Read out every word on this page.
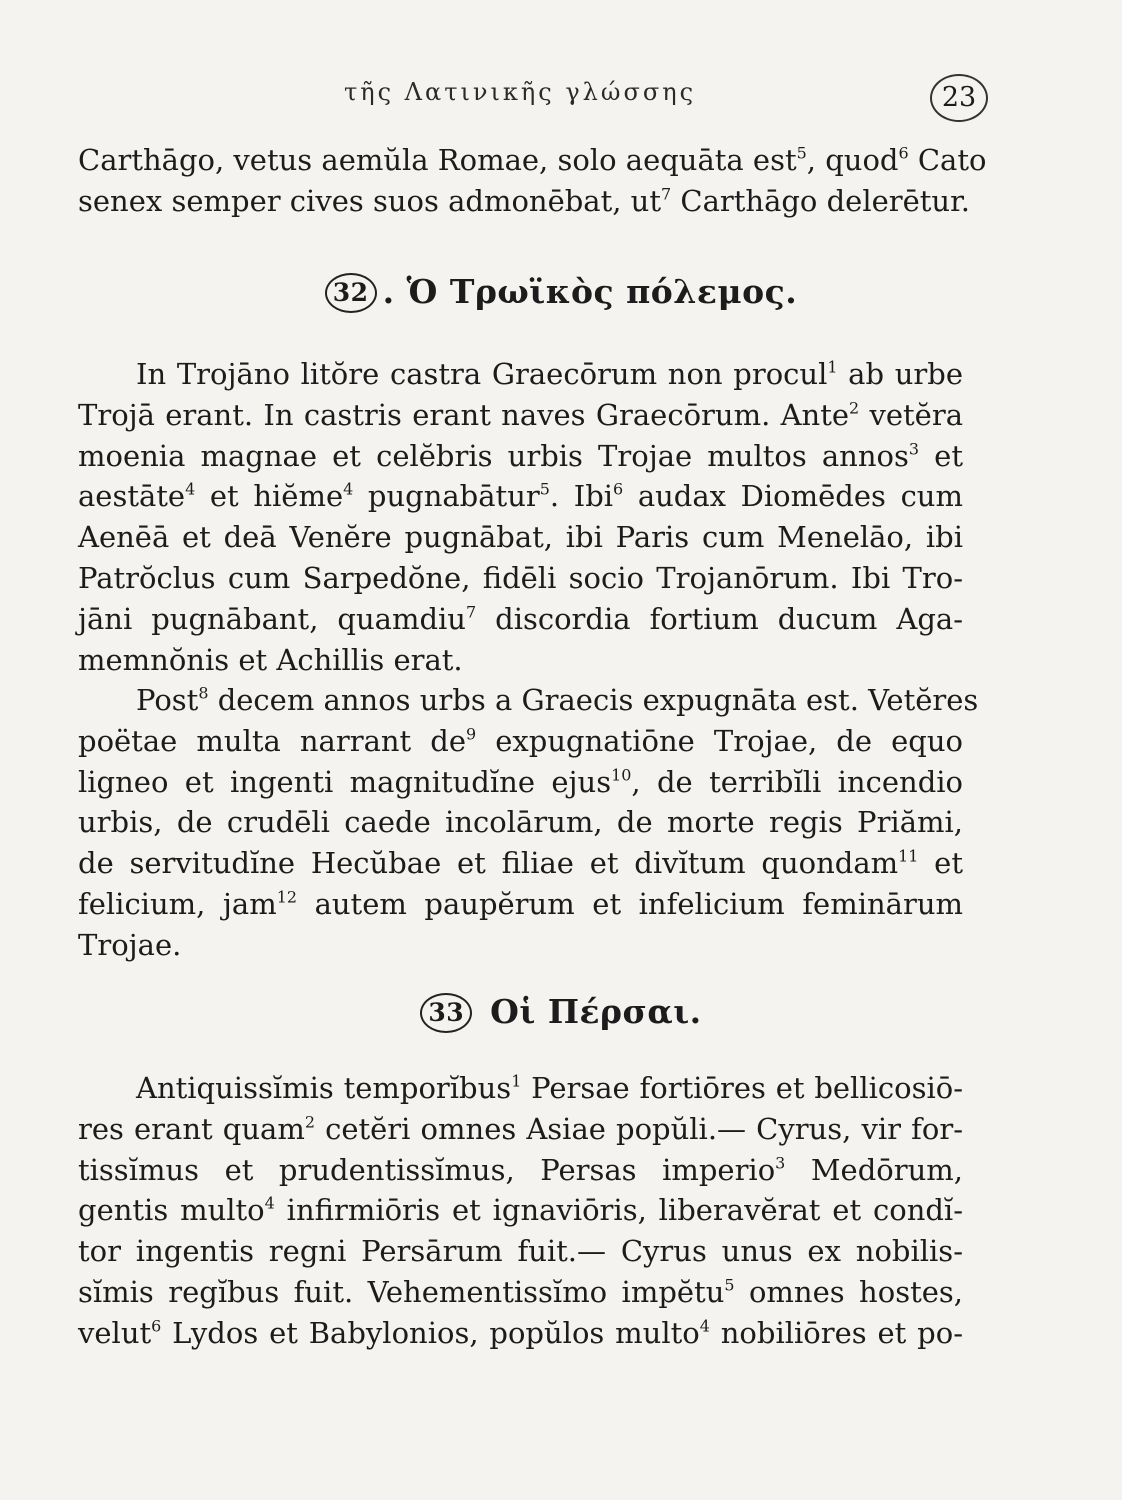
τῆς Λατινικῆς γλώσσης	23
Carthāgo, vetus aemŭla Romae, solo aequāta est$^5$, quod$^6$ Cato
senex semper cives suos admonēbat, $ut^7$ Carthāgo delerētur.
32 . Ὁ Τρωϊκὸς πόλεμος.
In Trojāno litŏre castra Graecōrum non procul$^1$ ab urbe
Trojā erant. In castris erant naves Graecōrum. Ante$^2$ vetĕra
moenia magnae et celĕbris urbis Trojae multos annos$^3$ et
aestāte$^4$ et hiĕme$^4$ pugnabātur$^5$. Ibi$^6$ audax Diomēdes cum
Aenēā et deā Venĕre pugnābat, ibi Paris cum Menelāo, ibi
Patrŏclus cum Sarpedŏne, fidēli socio Trojanōrum. Ibi Tro-
jāni pugnābant, quamdiu$^7$ discordia fortium ducum Aga-
memnŏnis et Achillis erat.
Post$^8$ decem annos urbs a Graecis expugnāta est. Vetĕres
poëtae multa narrant $de^9$ expugnatiōne Trojae, de equo
ligneo et ingenti magnitudĭne ejus$^{10}$, de terribĭli incendio
urbis, de crudēli caede incolārum, de morte regis Priămi,
de servitudĭne Hecŭbae et filiae et divĭtum quondam$^{11}$ et
felicium, jam$^{12}$ autem paupĕrum et infelicium feminārum
Trojae.
33 Οἱ Πέρσαι.
Antiquissĭmis temporĭbus$^1$ Persae fortiōres et bellicosiō-
res erant quam$^2$ cetĕri omnes Asiae popŭli.— Cyrus, vir for-
tissĭmus et prudentissĭmus, Persas imperio$^3$ Medōrum,
gentis multo$^4$ infirmiōris et ignaviōris, liberavĕrat et condĭ-
tor ingentis regni Persārum fuit.— Cyrus unus ex nobilis-
sĭmis regĭbus fuit. Vehementissĭmo impĕtu$^5$ omnes hostes,
velut$^6$ Lydos et Babylonios, popŭlos multo$^4$ nobiliōres et po-
